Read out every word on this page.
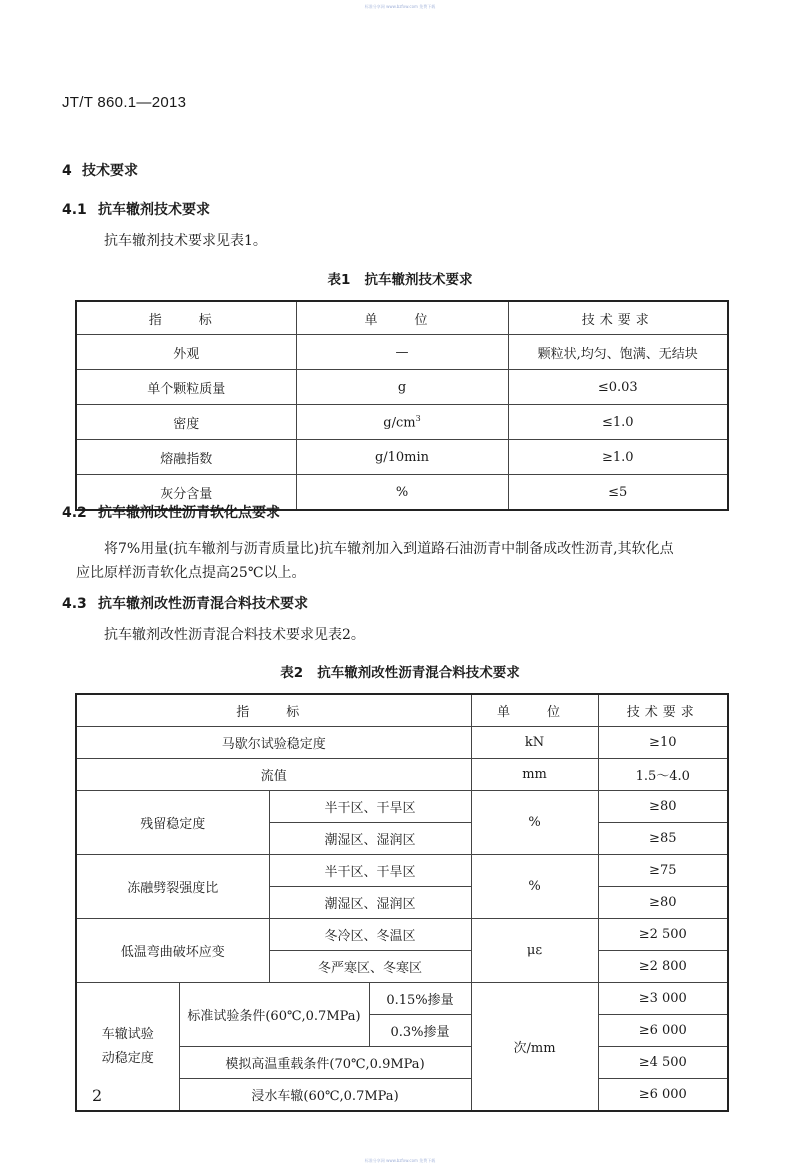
标准分享网 www.bzfxw.com 免费下载
JT/T 860.1—2013
4 技术要求
4.1 抗车辙剂技术要求
抗车辙剂技术要求见表1。
表1 抗车辙剂技术要求
指　标	单　位	技术要求
外观	—	颗粒状,均匀、饱满、无结块
单个颗粒质量	g	≤0.03
密度	$g/cm^3$	≤1.0
熔融指数	g/10min	≥1.0
灰分含量	%	≤5
4.2 抗车辙剂改性沥青软化点要求
将7%用量(抗车辙剂与沥青质量比)抗车辙剂加入到道路石油沥青中制备成改性沥青,其软化点
应比原样沥青软化点提高25℃以上。
4.3 抗车辙剂改性沥青混合料技术要求
抗车辙剂改性沥青混合料技术要求见表2。
表2 抗车辙剂改性沥青混合料技术要求
指　标				单　位	技术要求
马歇尔试验稳定度				kN	≥10
流值				mm	1.5～4.0
残留稳定度		半干区、干旱区		%	≥80
		潮湿区、湿润区			≥85
冻融劈裂强度比		半干区、干旱区		%	≥75
		潮湿区、湿润区			≥80
低温弯曲破坏应变		冬冷区、冬温区		με	≥2 500
		冬严寒区、冬寒区			≥2 800

车辙试验
动稳定度	标准试验条件(60℃,0.7MPa)		0.15%掺量	次/mm	≥3 000
			0.3%掺量		≥6 000
	模拟高温重载条件(70℃,0.9MPa)				≥4 500
	浸水车辙(60℃,0.7MPa)				≥6 000
2
标准分享网 www.bzfxw.com 免费下载
